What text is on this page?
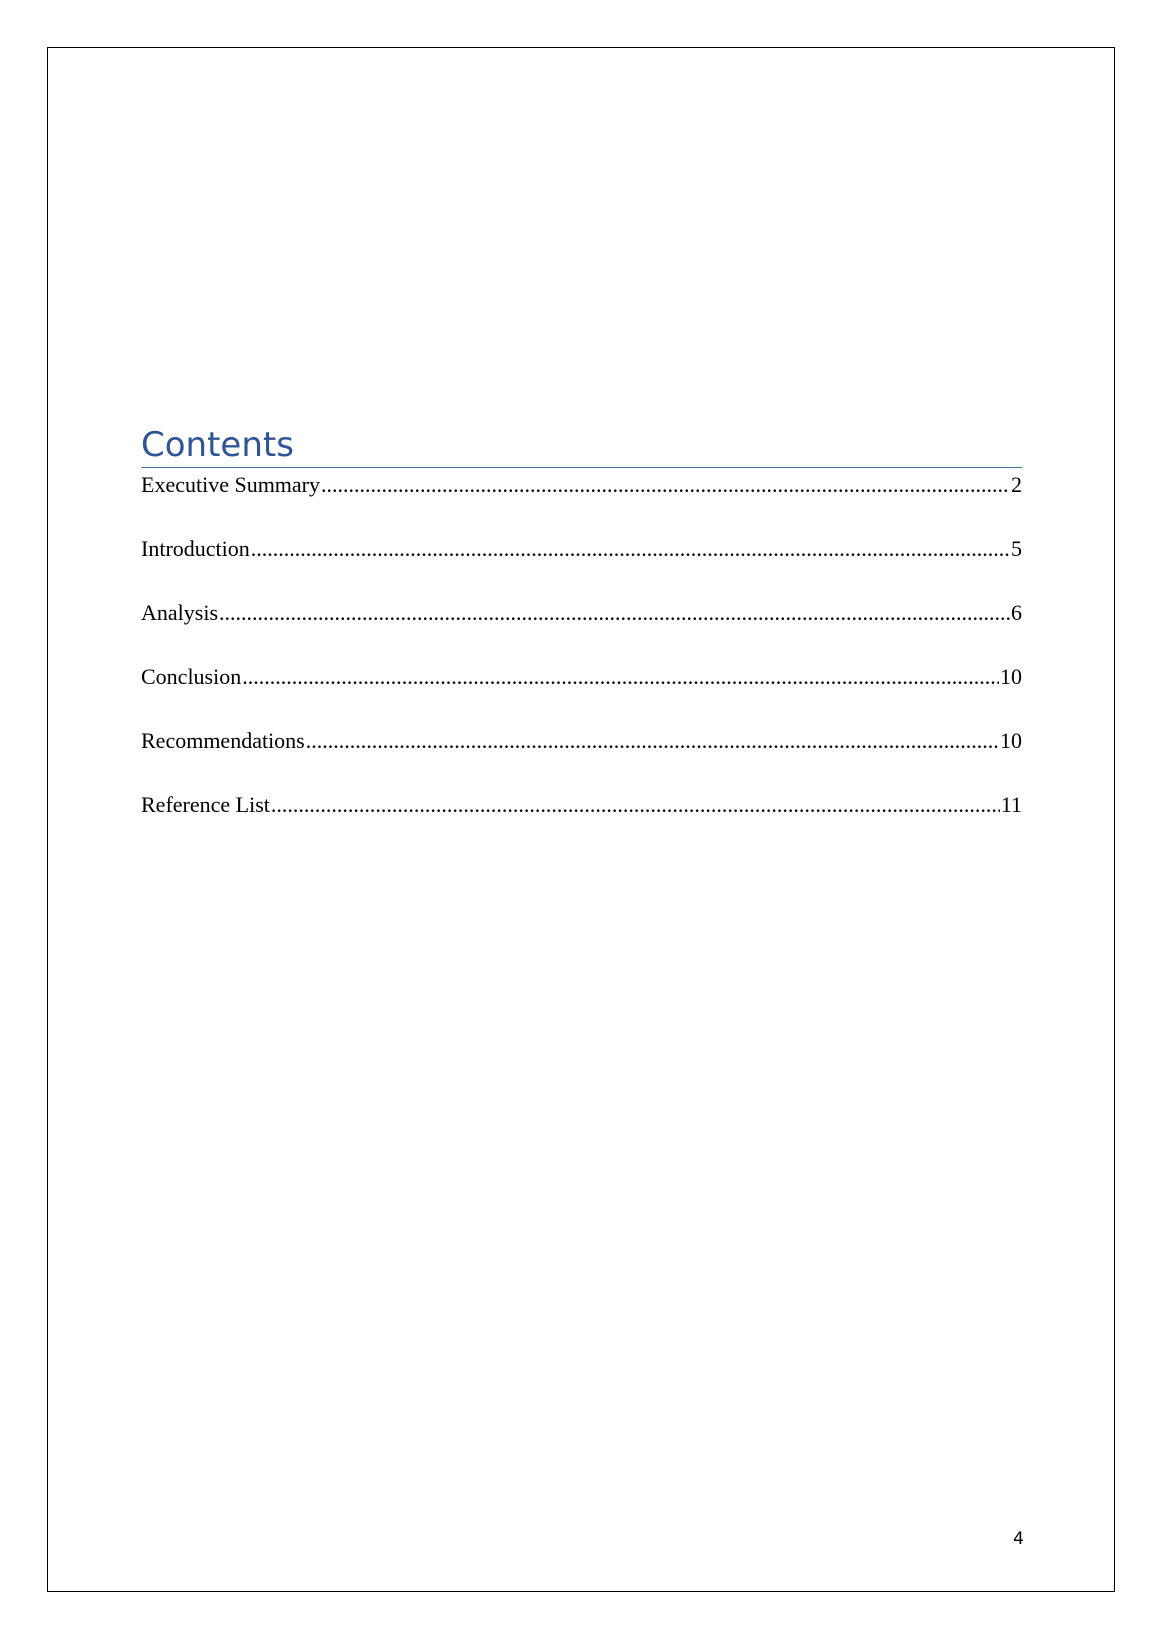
Contents
Executive Summary .....	2
Introduction .....	5
Analysis .....	6
Conclusion .....	10
Recommendations .....	10
Reference List .....	11
4
